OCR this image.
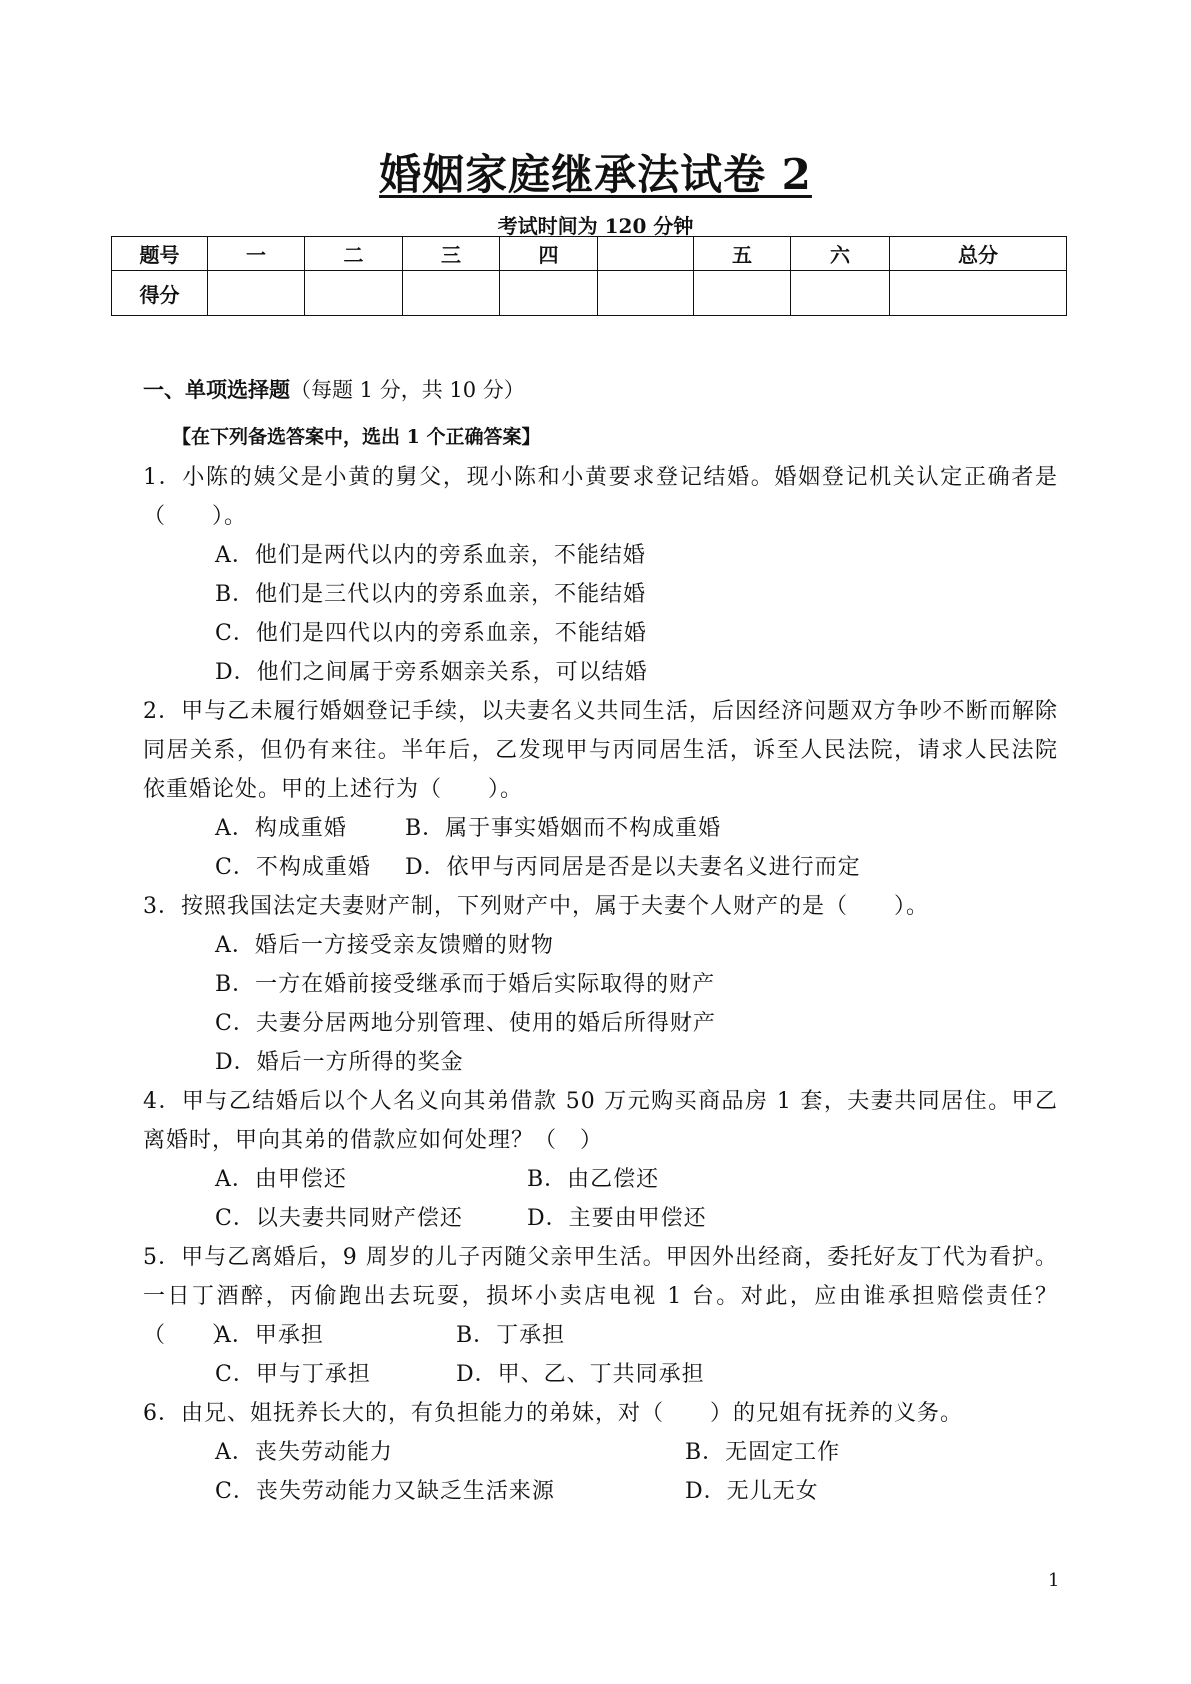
婚姻家庭继承法试卷 2
考试时间为 120 分钟
题号	一	二	三	四		五	六	总分
得分								
一、单项选择题（每题 1 分，共 10 分）
【在下列备选答案中，选出 1 个正确答案】
1．小陈的姨父是小黄的舅父，现小陈和小黄要求登记结婚。婚姻登记机关认定正确者是（　　）。
A．他们是两代以内的旁系血亲，不能结婚
B．他们是三代以内的旁系血亲，不能结婚
C．他们是四代以内的旁系血亲，不能结婚
D．他们之间属于旁系姻亲关系，可以结婚
2．甲与乙未履行婚姻登记手续，以夫妻名义共同生活，后因经济问题双方争吵不断而解除同居关系，但仍有来往。半年后，乙发现甲与丙同居生活，诉至人民法院，请求人民法院依重婚论处。甲的上述行为（　　）。
A．构成重婚	B．属于事实婚姻而不构成重婚
C．不构成重婚 D．依甲与丙同居是否是以夫妻名义进行而定
3．按照我国法定夫妻财产制，下列财产中，属于夫妻个人财产的是（　　）。
A．婚后一方接受亲友馈赠的财物
B．一方在婚前接受继承而于婚后实际取得的财产
C．夫妻分居两地分别管理、使用的婚后所得财产
D．婚后一方所得的奖金
4．甲与乙结婚后以个人名义向其弟借款 50 万元购买商品房 1 套，夫妻共同居住。甲乙离婚时，甲向其弟的借款应如何处理？（　）
A．由甲偿还	B．由乙偿还
C．以夫妻共同财产偿还	D．主要由甲偿还
5．甲与乙离婚后，9 周岁的儿子丙随父亲甲生活。甲因外出经商，委托好友丁代为看护。一日丁酒醉，丙偷跑出去玩耍，损坏小卖店电视 1 台。对此，应由谁承担赔偿责任？（　　）
A．甲承担	B．丁承担
C．甲与丁承担	D．甲、乙、丁共同承担
6．由兄、姐抚养长大的，有负担能力的弟妹，对（　　）的兄姐有抚养的义务。
A．丧失劳动能力	B．无固定工作
C．丧失劳动能力又缺乏生活来源	D．无儿无女
1
